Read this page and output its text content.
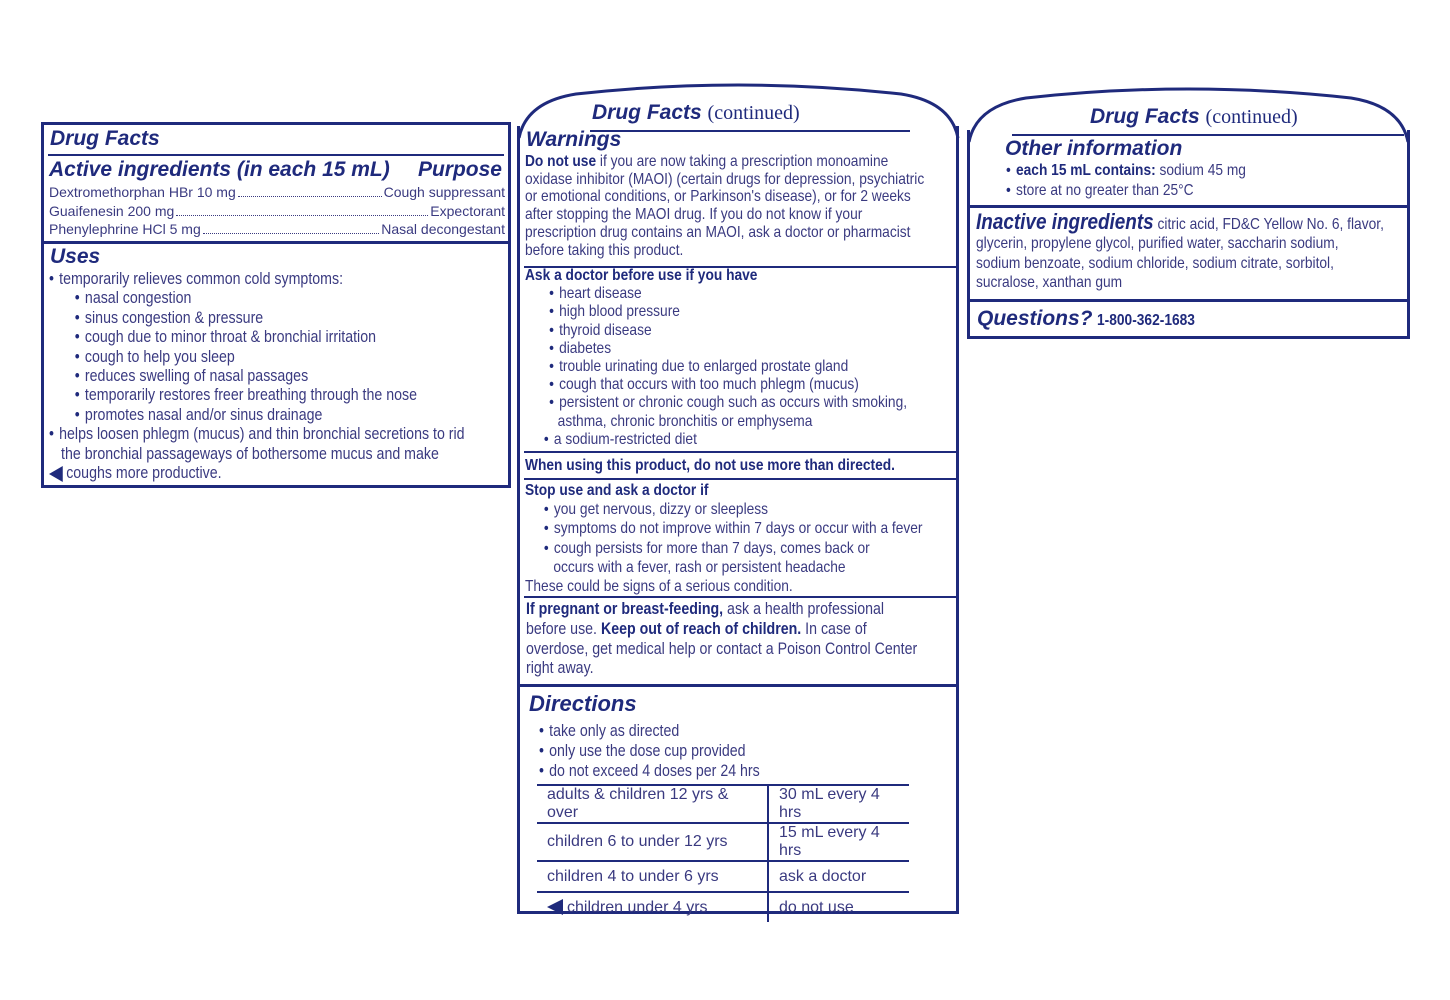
Drug Facts
Active ingredients (in each 15 mL) Purpose
Dextromethorphan HBr 10 mg	Cough suppressant
Guaifenesin 200 mg	Expectorant
Phenylephrine HCl 5 mg	Nasal decongestant
Uses
• temporarily relieves common cold symptoms:
• nasal congestion
• sinus congestion & pressure
• cough due to minor throat & bronchial irritation
• cough to help you sleep
• reduces swelling of nasal passages
• temporarily restores freer breathing through the nose
• promotes nasal and/or sinus drainage
• helps loosen phlegm (mucus) and thin bronchial secretions to rid
the bronchial passageways of bothersome mucus and make
coughs more productive.
Drug Facts (continued)
Warnings
Do not use if you are now taking a prescription monoamine
oxidase inhibitor (MAOI) (certain drugs for depression, psychiatric
or emotional conditions, or Parkinson's disease), or for 2 weeks
after stopping the MAOI drug. If you do not know if your
prescription drug contains an MAOI, ask a doctor or pharmacist
before taking this product.
Ask a doctor before use if you have
• heart disease
• high blood pressure
• thyroid disease
• diabetes
• trouble urinating due to enlarged prostate gland
• cough that occurs with too much phlegm (mucus)
• persistent or chronic cough such as occurs with smoking,
asthma, chronic bronchitis or emphysema
• a sodium-restricted diet
When using this product, do not use more than directed.
Stop use and ask a doctor if
• you get nervous, dizzy or sleepless
• symptoms do not improve within 7 days or occur with a fever
• cough persists for more than 7 days, comes back or
occurs with a fever, rash or persistent headache
These could be signs of a serious condition.
If pregnant or breast-feeding, ask a health professional
before use. Keep out of reach of children. In case of
overdose, get medical help or contact a Poison Control Center
right away.
Directions
• take only as directed
• only use the dose cup provided
• do not exceed 4 doses per 24 hrs
adults & children 12 yrs & over	30 mL every 4 hrs
children 6 to under 12 yrs	15 mL every 4 hrs
children 4 to under 6 yrs	ask a doctor
children under 4 yrs	do not use
Drug Facts (continued)
Other information
• each 15 mL contains: sodium 45 mg
• store at no greater than 25°C
Inactive ingredients citric acid, FD&C Yellow No. 6, flavor,
glycerin, propylene glycol, purified water, saccharin sodium,
sodium benzoate, sodium chloride, sodium citrate, sorbitol,
sucralose, xanthan gum
Questions? 1-800-362-1683
